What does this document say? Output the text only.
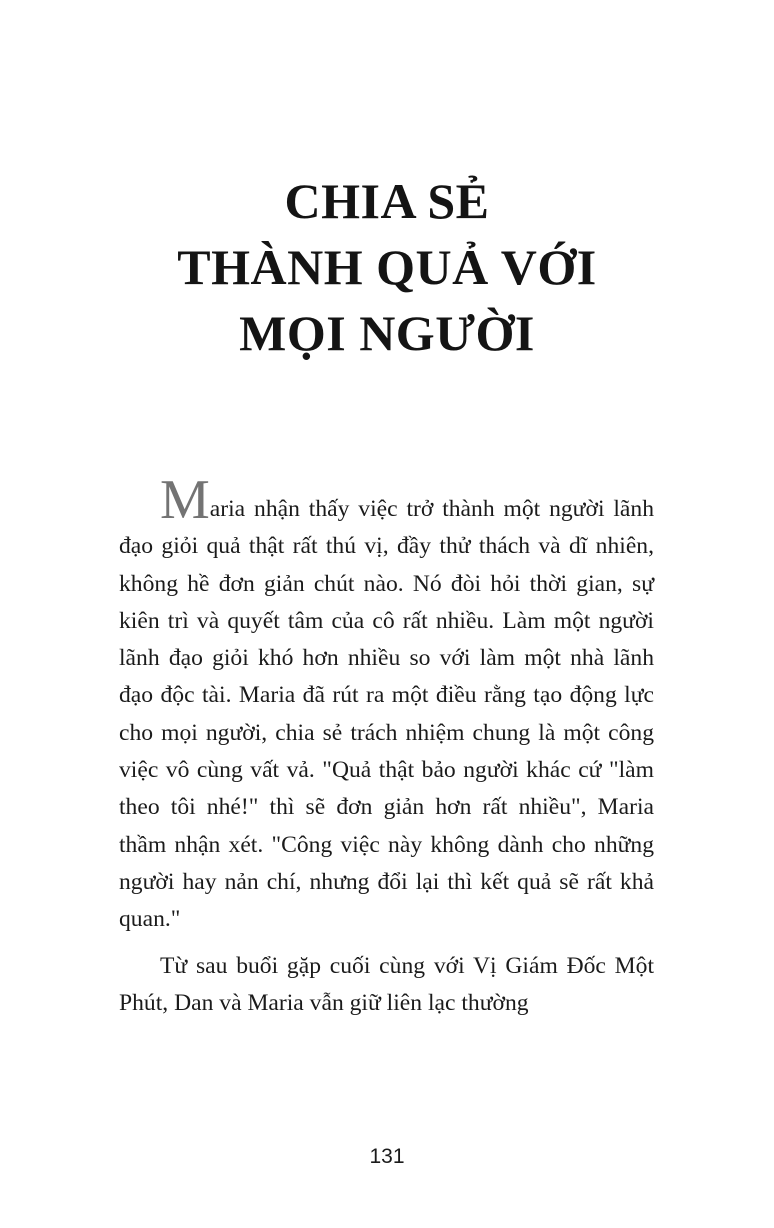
CHIA SẺ
THÀNH QUẢ VỚI
MỌI NGƯỜI

Maria nhận thấy việc trở thành một người lãnh đạo giỏi quả thật rất thú vị, đầy thử thách và dĩ nhiên, không hề đơn giản chút nào. Nó đòi hỏi thời gian, sự kiên trì và quyết tâm của cô rất nhiều. Làm một người lãnh đạo giỏi khó hơn nhiều so với làm một nhà lãnh đạo độc tài. Maria đã rút ra một điều rằng tạo động lực cho mọi người, chia sẻ trách nhiệm chung là một công việc vô cùng vất vả. "Quả thật bảo người khác cứ "làm theo tôi nhé!" thì sẽ đơn giản hơn rất nhiều", Maria thầm nhận xét. "Công việc này không dành cho những người hay nản chí, nhưng đổi lại thì kết quả sẽ rất khả quan."

Từ sau buổi gặp cuối cùng với Vị Giám Đốc Một Phút, Dan và Maria vẫn giữ liên lạc thường

131
